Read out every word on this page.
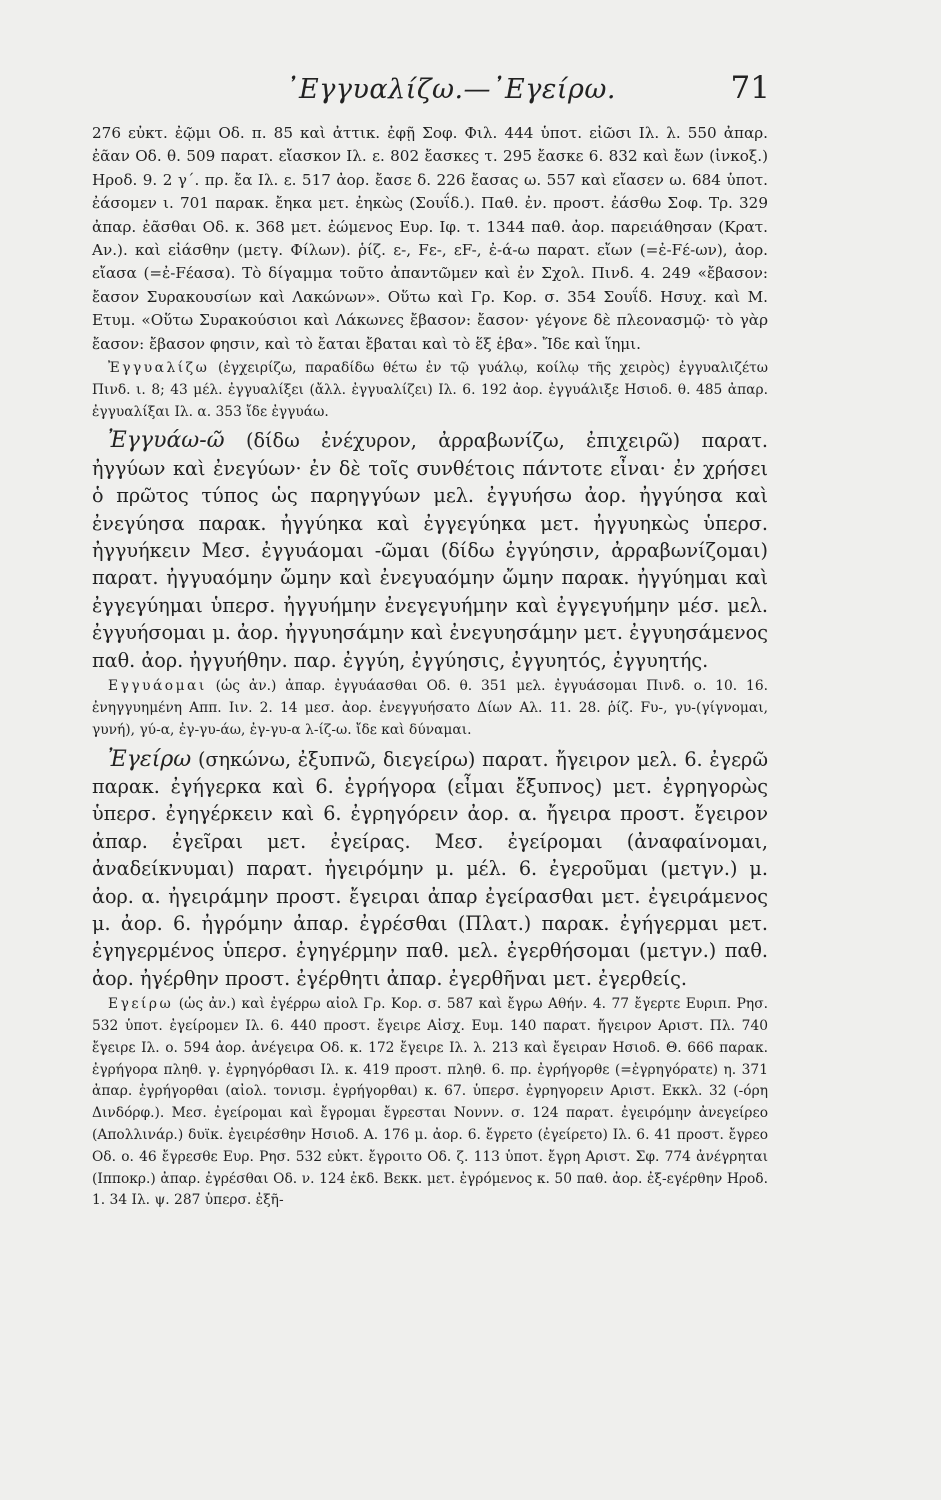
᾿Εγγυαλίζω.—᾿Εγείρω.	71

276 εὐκτ. ἐῷμι Οδ. π. 85 καὶ ἀττικ. ἐφῇ Σοφ. Φιλ. 444 ὑποτ. εἰῶσι Ιλ. λ. 550 ἀπαρ. ἐᾶαν Οδ. θ. 509 παρατ. εἴασκον Ιλ. ε. 802 ἔασκες τ. 295 ἔασκε 6. 832 καὶ ἔων (ἰνκοξ.) Ηροδ. 9. 2 γ΄. πρ. ἔα Ιλ. ε. 517 ἀορ. ἔασε δ. 226 ἔασας ω. 557 καὶ εἴασεν ω. 684 ὑποτ. ἐάσομεν ι. 701 παρακ. ἔηκα μετ. ἐηκὼς (Σουΐδ.). Παθ. ἐν. προστ. ἐάσθω Σοφ. Τρ. 329 ἀπαρ. ἐᾶσθαι Οδ. κ. 368 μετ. ἐώμενος Ευρ. Ιφ. τ. 1344 παθ. ἀορ. παρειάθησαν (Κρατ. Αν.). καὶ εἰάσθην (μετγ. Φίλων). ῥίζ. ε-, Fε-, εF-, ἐ-ά-ω παρατ. εἴων (=ἐ-Fέ-ων), ἀορ. εἴασα (=ἐ-Fέασα). Τὸ δίγαμμα τοῦτο ἀπαντῶμεν καὶ ἐν Σχολ. Πινδ. 4. 249 «ἔβασον: ἔασον Συρακουσίων καὶ Λακώνων». Οὕτω καὶ Γρ. Κορ. σ. 354 Σουΐδ. Ησυχ. καὶ Μ. Ετυμ. «Οὕτω Συρακούσιοι καὶ Λάκωνες ἔβασον: ἔασον· γέγονε δὲ πλεονασμῷ· τὸ γὰρ ἔασον: ἔβασον φησιν, καὶ τὸ ἔαται ἔβαται καὶ τὸ ἕξ ἑβα». Ἴδε καὶ ἵημι.

Ἐγγυαλίζω (ἐγχειρίζω, παραδίδω θέτω ἐν τῷ γυάλῳ, κοίλῳ τῆς χειρὸς) ἐγγυαλιζέτω Πινδ. ι. 8; 43 μέλ. ἐγγυαλίξει (ἄλλ. ἐγγυαλίζει) Ιλ. 6. 192 ἀορ. ἐγγυάλιξε Ησιοδ. θ. 485 ἀπαρ. ἐγγυαλίξαι Ιλ. α. 353 ἴδε ἐγγυάω.

Ἐγγυάω-ῶ (δίδω ἐνέχυρον, ἀρραβωνίζω, ἐπιχειρῶ) παρατ. ἠγγύων καὶ ἐνεγύων· ἐν δὲ τοῖς συνθέτοις πάντοτε εἶναι· ἐν χρήσει ὁ πρῶτος τύπος ὡς παρηγγύων μελ. ἐγγυήσω ἀορ. ἠγγύησα καὶ ἐνεγύησα παρακ. ἠγγύηκα καὶ ἐγγεγύηκα μετ. ἠγγυηκὼς ὑπερσ. ἠγγυήκειν Μεσ. ἐγγυάομαι -ῶμαι (δίδω ἐγγύησιν, ἀρραβωνίζομαι) παρατ. ἠγγυαόμην ὤμην καὶ ἐνεγυαόμην ὤμην παρακ. ἠγγύημαι καὶ ἐγγεγύημαι ὑπερσ. ἠγγυήμην ἐνεγεγυήμην καὶ ἐγγεγυήμην μέσ. μελ. ἐγγυήσομαι μ. ἀορ. ἠγγυησάμην καὶ ἐνεγυησάμην μετ. ἐγγυησάμενος παθ. ἀορ. ἠγγυήθην. παρ. ἐγγύη, ἐγγύησις, ἐγγυητός, ἐγγυητής.

Εγγυάομαι (ὡς ἀν.) ἀπαρ. ἐγγυάασθαι Οδ. θ. 351 μελ. ἐγγυάσομαι Πινδ. ο. 10. 16. ἐνηγγυημένη Αππ. Ιιν. 2. 14 μεσ. ἀορ. ἐνεγγυήσατο Δίων Αλ. 11. 28. ῥίζ. Fυ-, γυ-(γίγνομαι, γυνή), γύ-α, ἐγ-γυ-άω, ἐγ-γυ-α λ-ίζ-ω. ἴδε καὶ δύναμαι.

Ἐγείρω (σηκώνω, ἐξυπνῶ, διεγείρω) παρατ. ἤγειρον μελ. 6. ἐγερῶ παρακ. ἐγήγερκα καὶ 6. ἐγρήγορα (εἶμαι ἔξυπνος) μετ. ἐγρηγορὼς ὑπερσ. ἐγηγέρκειν καὶ 6. ἐγρηγόρειν ἀορ. α. ἤγειρα προστ. ἔγειρον ἀπαρ. ἐγεῖραι μετ. ἐγείρας. Μεσ. ἐγείρομαι (ἀναφαίνομαι, ἀναδείκνυμαι) παρατ. ἠγειρόμην μ. μέλ. 6. ἐγεροῦμαι (μετγν.) μ. ἀορ. α. ἠγειράμην προστ. ἔγειραι ἀπαρ ἐγείρασθαι μετ. ἐγειράμενος μ. ἀορ. 6. ἠγρόμην ἀπαρ. ἐγρέσθαι (Πλατ.) παρακ. ἐγήγερμαι μετ. ἐγηγερμένος ὑπερσ. ἐγηγέρμην παθ. μελ. ἐγερθήσομαι (μετγν.) παθ. ἀορ. ἠγέρθην προστ. ἐγέρθητι ἀπαρ. ἐγερθῆναι μετ. ἐγερθείς.

Εγείρω (ὡς ἀν.) καὶ ἐγέρρω αἰολ Γρ. Κορ. σ. 587 καὶ ἔγρω Αθήν. 4. 77 ἔγερτε Ευριπ. Ρησ. 532 ὑποτ. ἐγείρομεν Ιλ. 6. 440 προστ. ἔγειρε Αἰσχ. Ευμ. 140 παρατ. ἤγειρον Αριστ. Πλ. 740 ἔγειρε Ιλ. ο. 594 ἀορ. ἀνέγειρα Οδ. κ. 172 ἔγειρε Ιλ. λ. 213 καὶ ἔγειραν Ησιοδ. Θ. 666 παρακ. ἐγρήγορα πληθ. γ. ἐγρηγόρθασι Ιλ. κ. 419 προστ. πληθ. 6. πρ. ἐγρήγορθε (=ἐγρηγόρατε) η. 371 ἀπαρ. ἐγρήγορθαι (αἰολ. τονισμ. ἐγρήγορθαι) κ. 67. ὑπερσ. ἐγρηγορειν Αριστ. Εκκλ. 32 (-όρη Δινδόρφ.). Μεσ. ἐγείρομαι καὶ ἔγρομαι ἔγρεσται Νοννν. σ. 124 παρατ. ἐγειρόμην ἀνεγείρεο (Απολλινάρ.) δυϊκ. ἐγειρέσθην Ησιοδ. Α. 176 μ. ἀορ. 6. ἔγρετο (ἐγείρετο) Ιλ. 6. 41 προστ. ἔγρεο Οδ. ο. 46 ἔγρεσθε Ευρ. Ρησ. 532 εὐκτ. ἔγροιτο Οδ. ζ. 113 ὑποτ. ἔγρη Αριστ. Σφ. 774 ἀνέγρηται (Ιπποκρ.) ἀπαρ. ἐγρέσθαι Οδ. ν. 124 ἐκδ. Βεκκ. μετ. ἐγρόμενος κ. 50 παθ. ἀορ. ἐξ-εγέρθην Ηροδ. 1. 34 Ιλ. ψ. 287 ὑπερσ. ἐξῆ-
